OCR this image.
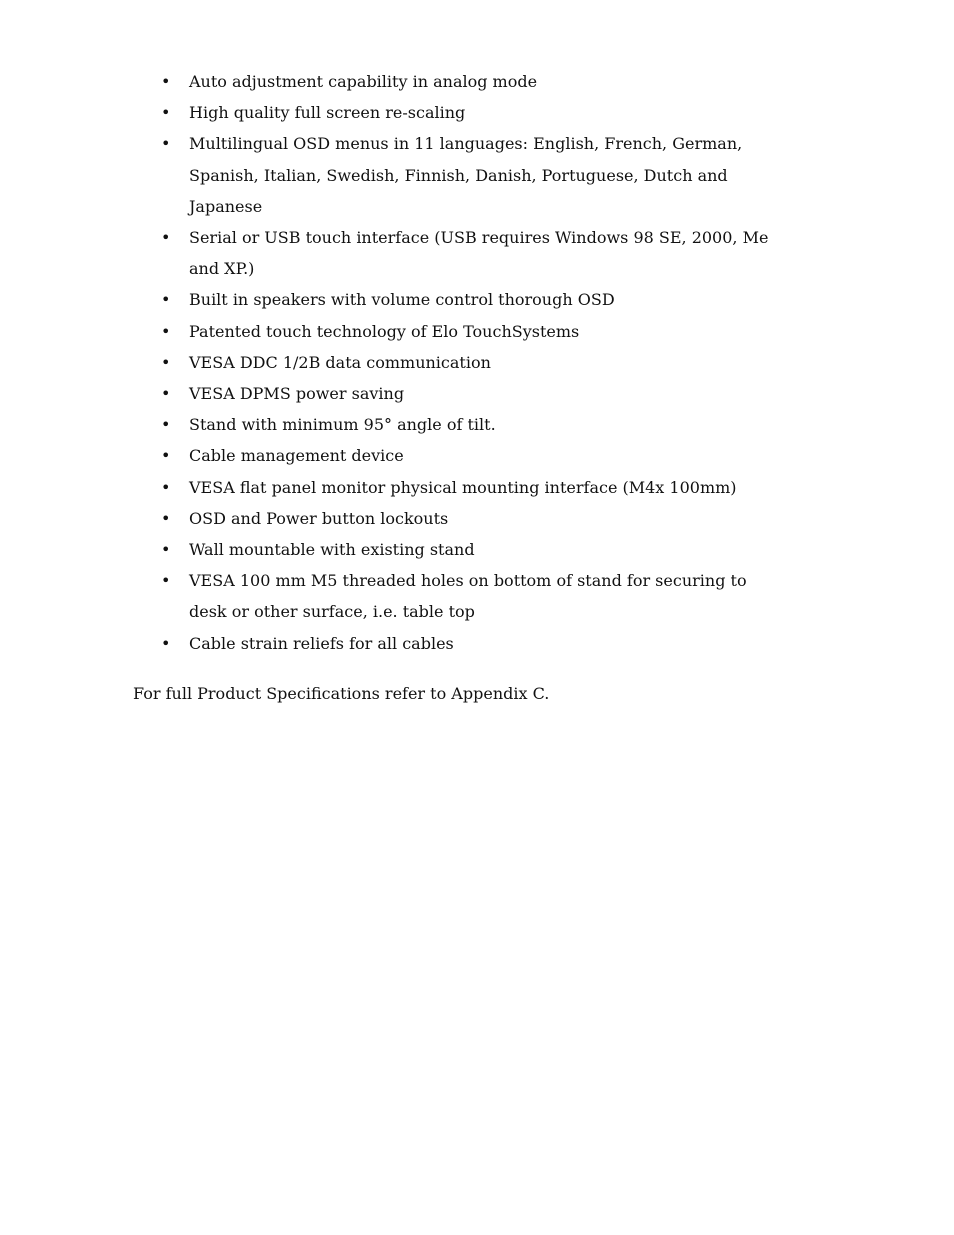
• Auto adjustment capability in analog mode
• High quality full screen re-scaling
• Multilingual OSD menus in 11 languages: English, French, German, Spanish, Italian, Swedish, Finnish, Danish, Portuguese, Dutch and Japanese
• Serial or USB touch interface (USB requires Windows 98 SE, 2000, Me and XP.)
• Built in speakers with volume control thorough OSD
• Patented touch technology of Elo TouchSystems
• VESA DDC 1/2B data communication
• VESA DPMS power saving
• Stand with minimum 95° angle of tilt.
• Cable management device
• VESA flat panel monitor physical mounting interface (M4x 100mm)
• OSD and Power button lockouts
• Wall mountable with existing stand
• VESA 100 mm M5 threaded holes on bottom of stand for securing to desk or other surface, i.e. table top
• Cable strain reliefs for all cables

For full Product Specifications refer to Appendix C.
